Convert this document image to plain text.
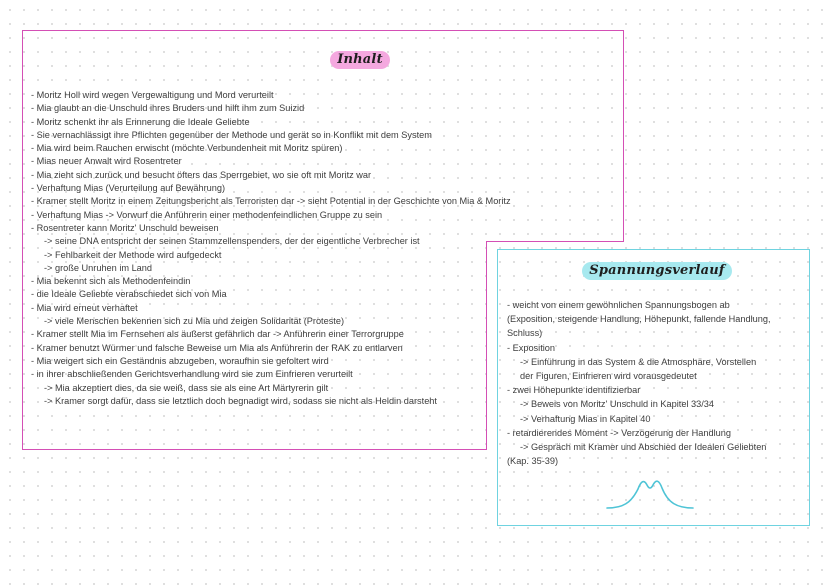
Inhalt
- Moritz Holl wird wegen Vergewaltigung und Mord verurteilt
- Mia glaubt an die Unschuld ihres Bruders und hilft ihm zum Suizid
- Moritz schenkt ihr als Erinnerung die Ideale Geliebte
- Sie vernachlässigt ihre Pflichten gegenüber der Methode und gerät so in Konflikt mit dem System
- Mia wird beim Rauchen erwischt (möchte Verbundenheit mit Moritz spüren)
- Mias neuer Anwalt wird Rosentreter
- Mia zieht sich zurück und besucht öfters das Sperrgebiet, wo sie oft mit Moritz war
- Verhaftung Mias (Verurteilung auf Bewährung)
- Kramer stellt Moritz in einem Zeitungsbericht als Terroristen dar -> sieht Potential in der Geschichte von Mia & Moritz
- Verhaftung Mias -> Vorwurf die Anführerin einer methodenfeindlichen Gruppe zu sein
- Rosentreter kann Moritz' Unschuld beweisen
-> seine DNA entspricht der seinen Stammzellenspenders, der der eigentliche Verbrecher ist
-> Fehlbarkeit der Methode wird aufgedeckt
-> große Unruhen im Land
- Mia bekennt sich als Methodenfeindin
- die Ideale Geliebte verabschiedet sich von Mia
- Mia wird erneut verhaftet
-> viele Menschen bekennen sich zu Mia und zeigen Solidarität (Proteste)
- Kramer stellt Mia im Fernsehen als äußerst gefährlich dar -> Anführerin einer Terrorgruppe
- Kramer benutzt Würmer und falsche Beweise um Mia als Anführerin der RAK zu entlarven
- Mia weigert sich ein Geständnis abzugeben, woraufhin sie gefoltert wird
- in ihrer abschließenden Gerichtsverhandlung wird sie zum Einfrieren verurteilt
-> Mia akzeptiert dies, da sie weiß, dass sie als eine Art Märtyrerin gilt
-> Kramer sorgt dafür, dass sie letztlich doch begnadigt wird, sodass sie nicht als Heldin darsteht
Spannungsverlauf
- weicht von einem gewöhnlichen Spannungsbogen ab
(Exposition, steigende Handlung, Höhepunkt, fallende Handlung,
Schluss)
- Exposition
-> Einführung in das System & die Atmosphäre, Vorstellen
der Figuren, Einfrieren wird vorausgedeutet
- zwei Höhepunkte identifizierbar
-> Beweis von Moritz' Unschuld in Kapitel 33/34
-> Verhaftung Mias in Kapitel 40
- retardierendes Moment -> Verzögerung der Handlung
-> Gespräch mit Kramer und Abschied der Idealen Geliebten
(Kap. 35-39)
